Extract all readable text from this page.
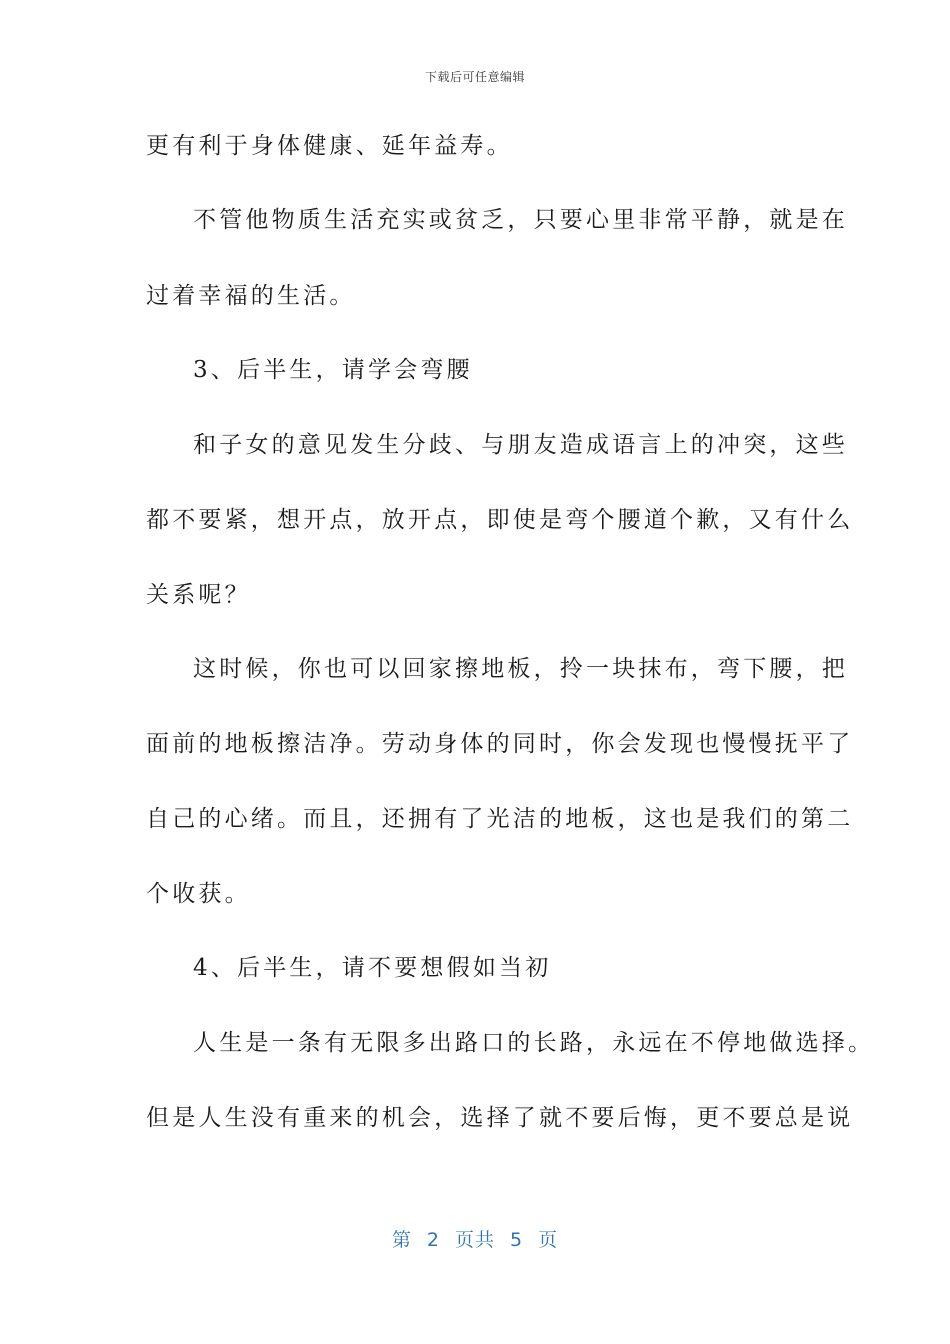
下载后可任意编辑
更有利于身体健康、延年益寿。
不管他物质生活充实或贫乏，只要心里非常平静，就是在
过着幸福的生活。
3、后半生，请学会弯腰
和子女的意见发生分歧、与朋友造成语言上的冲突，这些
都不要紧，想开点，放开点，即使是弯个腰道个歉，又有什么
关系呢？
这时候，你也可以回家擦地板，拎一块抹布，弯下腰，把
面前的地板擦洁净。劳动身体的同时，你会发现也慢慢抚平了
自己的心绪。而且，还拥有了光洁的地板，这也是我们的第二
个收获。
4、后半生，请不要想假如当初
人生是一条有无限多出路口的长路，永远在不停地做选择。
但是人生没有重来的机会，选择了就不要后悔，更不要总是说
第 2 页共 5 页
